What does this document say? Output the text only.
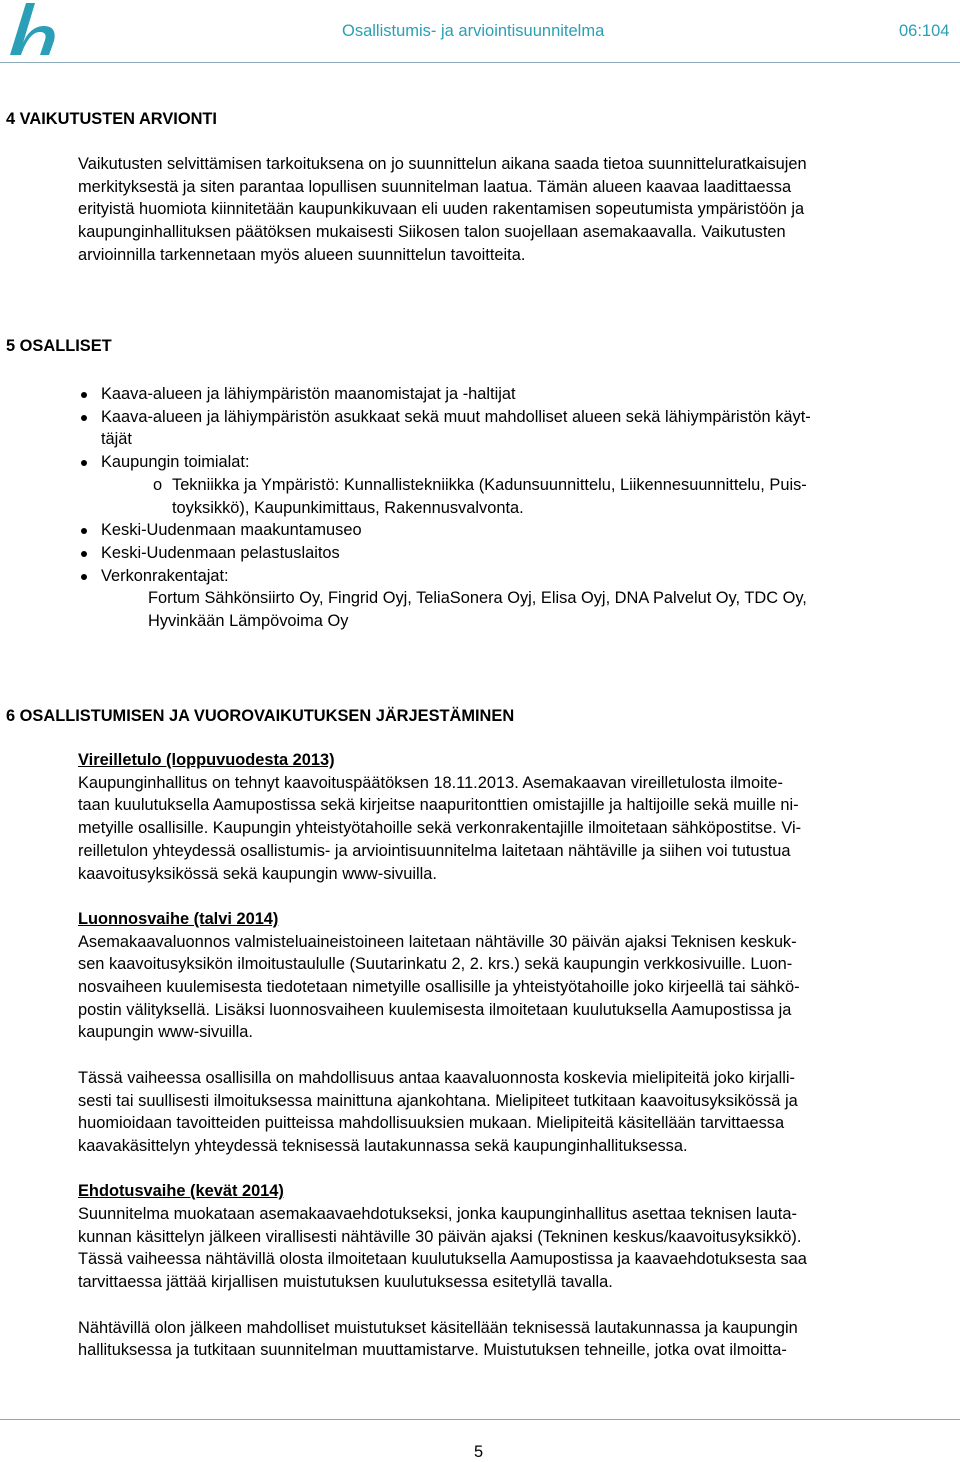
Osallistumis- ja arviointisuunnitelma	06:104
4 VAIKUTUSTEN ARVIONTI
Vaikutusten selvittämisen tarkoituksena on jo suunnittelun aikana saada tietoa suunnitteluratkaisujen
merkityksestä ja siten parantaa lopullisen suunnitelman laatua. Tämän alueen kaavaa laadittaessa
erityistä huomiota kiinnitetään kaupunkikuvaan eli uuden rakentamisen sopeutumista ympäristöön ja
kaupunginhallituksen päätöksen mukaisesti Siikosen talon suojellaan asemakaavalla. Vaikutusten
arvioinnilla tarkennetaan myös alueen suunnittelun tavoitteita.
5 OSALLISET
Kaava-alueen ja lähiympäristön maanomistajat ja -haltijat
Kaava-alueen ja lähiympäristön asukkaat sekä muut mahdolliset alueen sekä lähiympäristön käyt-
täjät
Kaupungin toimialat:
o Tekniikka ja Ympäristö: Kunnallistekniikka (Kadunsuunnittelu, Liikennesuunnittelu, Puis-
toyksikkö), Kaupunkimittaus, Rakennusvalvonta.
Keski-Uudenmaan maakuntamuseo
Keski-Uudenmaan pelastuslaitos
Verkonrakentajat:
Fortum Sähkönsiirto Oy, Fingrid Oyj, TeliaSonera Oyj, Elisa Oyj, DNA Palvelut Oy, TDC Oy,
Hyvinkään Lämpövoima Oy
6 OSALLISTUMISEN JA VUOROVAIKUTUKSEN JÄRJESTÄMINEN
Vireilletulo (loppuvuodesta 2013)
Kaupunginhallitus on tehnyt kaavoituspäätöksen 18.11.2013. Asemakaavan vireilletulosta ilmoite-
taan kuulutuksella Aamupostissa sekä kirjeitse naapuritonttien omistajille ja haltijoille sekä muille ni-
metyille osallisille. Kaupungin yhteistyötahoille sekä verkonrakentajille ilmoitetaan sähköpostitse. Vi-
reilletulon yhteydessä osallistumis- ja arviointisuunnitelma laitetaan nähtäville ja siihen voi tutustua
kaavoitusyksikössä sekä kaupungin www-sivuilla.
Luonnosvaihe (talvi 2014)
Asemakaavaluonnos valmisteluaineistoineen laitetaan nähtäville 30 päivän ajaksi Teknisen keskuk-
sen kaavoitusyksikön ilmoitustaululle (Suutarinkatu 2, 2. krs.) sekä kaupungin verkkosivuille. Luon-
nosvaiheen kuulemisesta tiedotetaan nimetyille osallisille ja yhteistyötahoille joko kirjeellä tai sähkö-
postin välityksellä. Lisäksi luonnosvaiheen kuulemisesta ilmoitetaan kuulutuksella Aamupostissa ja
kaupungin www-sivuilla.
Tässä vaiheessa osallisilla on mahdollisuus antaa kaavaluonnosta koskevia mielipiteitä joko kirjalli-
sesti tai suullisesti ilmoituksessa mainittuna ajankohtana. Mielipiteet tutkitaan kaavoitusyksikössä ja
huomioidaan tavoitteiden puitteissa mahdollisuuksien mukaan. Mielipiteitä käsitellään tarvittaessa
kaavakäsittelyn yhteydessä teknisessä lautakunnassa sekä kaupunginhallituksessa.
Ehdotusvaihe (kevät 2014)
Suunnitelma muokataan asemakaavaehdotukseksi, jonka kaupunginhallitus asettaa teknisen lauta-
kunnan käsittelyn jälkeen virallisesti nähtäville 30 päivän ajaksi (Tekninen keskus/kaavoitusyksikkö).
Tässä vaiheessa nähtävillä olosta ilmoitetaan kuulutuksella Aamupostissa ja kaavaehdotuksesta saa
tarvittaessa jättää kirjallisen muistutuksen kuulutuksessa esitetyllä tavalla.
Nähtävillä olon jälkeen mahdolliset muistutukset käsitellään teknisessä lautakunnassa ja kaupungin
hallituksessa ja tutkitaan suunnitelman muuttamistarve. Muistutuksen tehneille, jotka ovat ilmoitta-
5
